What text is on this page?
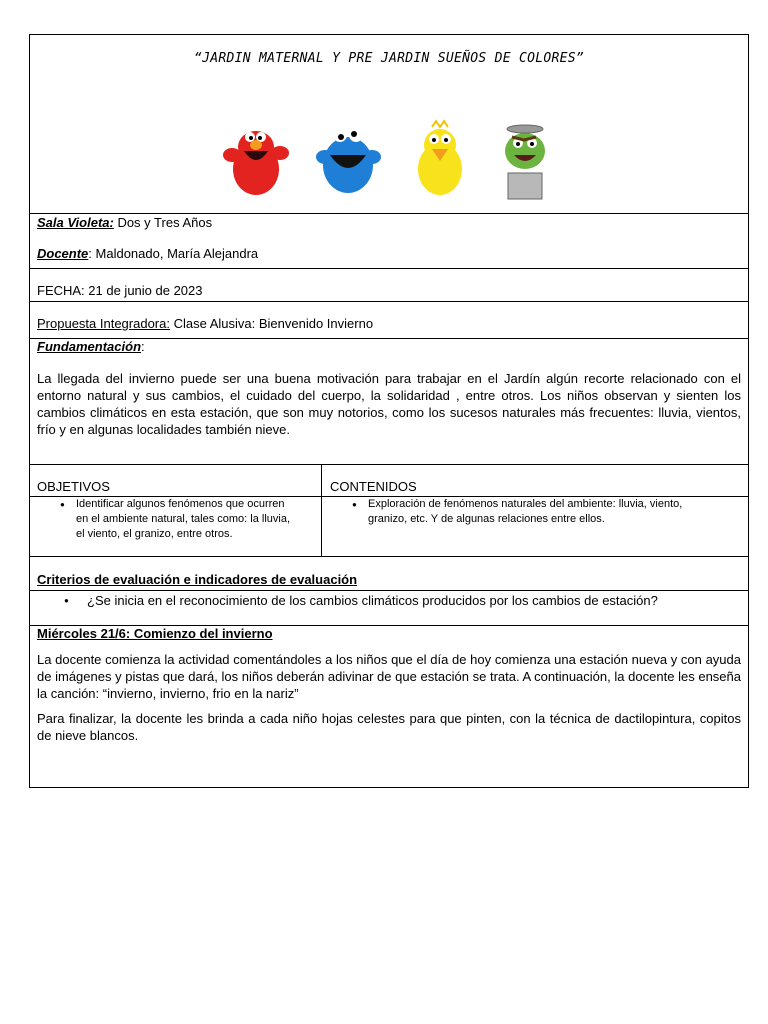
“JARDIN MATERNAL Y PRE JARDIN SUEÑOS DE COLORES”
Sala Violeta: Dos y Tres Años
Docente: Maldonado, María Alejandra
FECHA: 21 de junio de 2023
Propuesta Integradora: Clase Alusiva: Bienvenido Invierno
Fundamentación:
La llegada del invierno puede ser una buena motivación para trabajar en el Jardín algún recorte relacionado con el entorno natural y sus cambios, el cuidado del cuerpo, la solidaridad , entre otros. Los niños observan y sienten los cambios climáticos en esta estación, que son muy notorios, como los sucesos naturales más frecuentes: lluvia, vientos, frío y en algunas localidades también nieve.
OBJETIVOS	CONTENIDOS
● Identificar algunos fenómenos que ocurren en el ambiente natural, tales como: la lluvia, el viento, el granizo, entre otros.
● Exploración de fenómenos naturales del ambiente: lluvia, viento, granizo, etc. Y de algunas relaciones entre ellos.
Criterios de evaluación e indicadores de evaluación
● ¿Se inicia en el reconocimiento de los cambios climáticos producidos por los cambios de estación?
Miércoles 21/6: Comienzo del invierno
La docente comienza la actividad comentándoles a los niños que el día de hoy comienza una estación nueva y con ayuda de imágenes y pistas que dará, los niños deberán adivinar de que estación se trata. A continuación, la docente les enseña la canción: “invierno, invierno, frio en la nariz”
Para finalizar, la docente les brinda a cada niño hojas celestes para que pinten, con la técnica de dactilopintura, copitos de nieve blancos.
